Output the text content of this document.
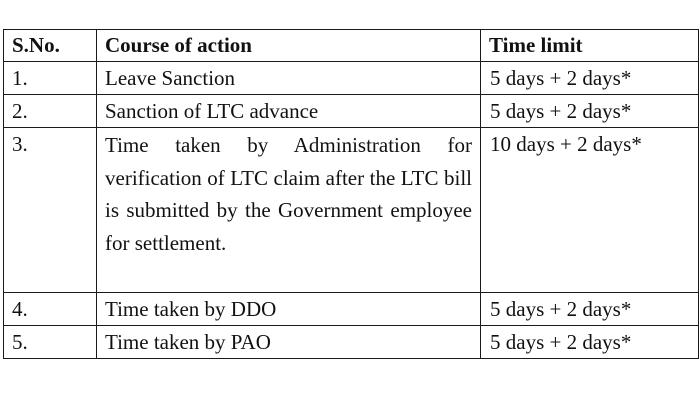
S.No.	Course of action	Time limit
1.	Leave Sanction	5 days + 2 days*
2.	Sanction of LTC advance	5 days + 2 days*
3.	Time taken by Administration for verification of LTC claim after the LTC bill is submitted by the Government employee for settlement.	10 days + 2 days*
4.	Time taken by DDO	5 days + 2 days*
5.	Time taken by PAO	5 days + 2 days*
